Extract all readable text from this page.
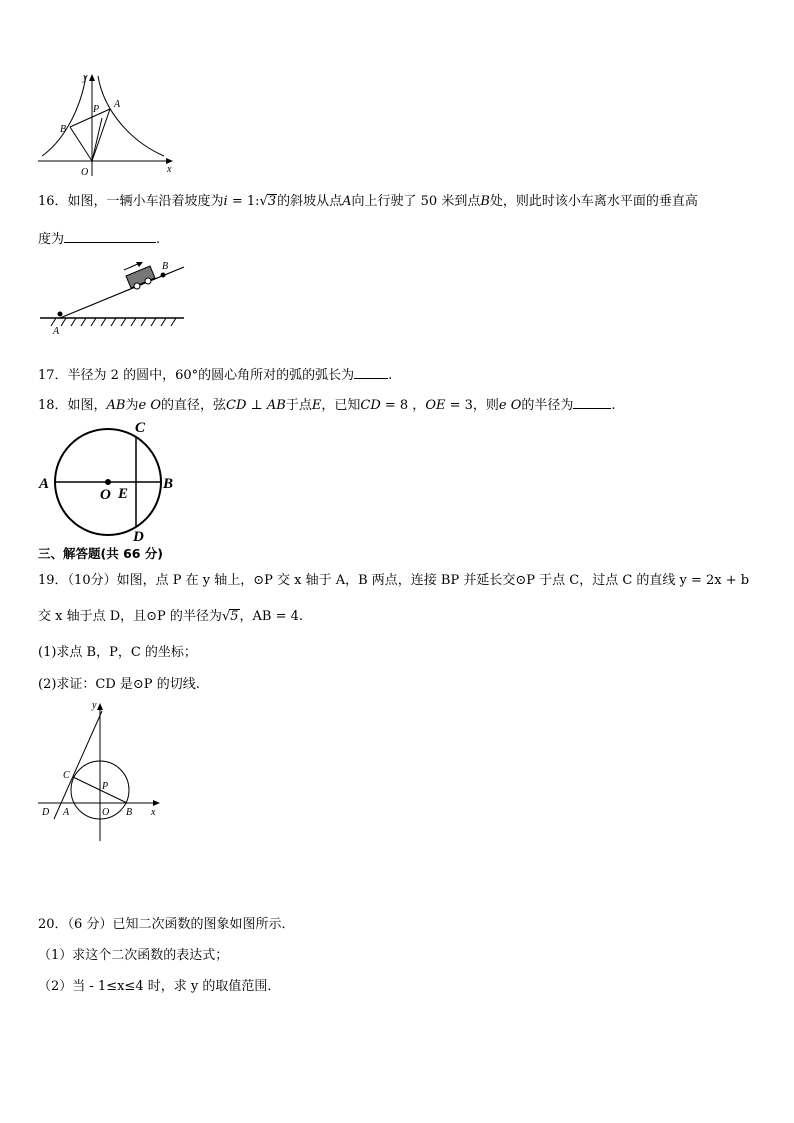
y
x
O
P A
B
16．如图，一辆小车沿着坡度为i = 1:√3的斜坡从点A向上行驶了 50 米到点B处，则此时该小车离水平面的垂直高
度为	.
B
A
17．半径为 2 的圆中，60°的圆心角所对的弧的弧长为	.
18．如图，AB为e O的直径，弦CD ⊥ AB于点E，已知CD = 8 ，OE = 3，则e O的半径为	.
C
A
O E
B
D
三、解答题(共 66 分)
19．（10分）如图，点 P 在 y 轴上，⊙P 交 x 轴于 A，B 两点，连接 BP 并延长交⊙P 于点 C，过点 C 的直线 y = 2x + b
交 x 轴于点 D，且⊙P 的半径为√5，AB = 4.
(1)求点 B，P，C 的坐标；
(2)求证：CD 是⊙P 的切线.
y
x
C
P
D A	O B
20．（6 分）已知二次函数的图象如图所示．
（1）求这个二次函数的表达式；
（2）当 - 1≤x≤4 时，求 y 的取值范围．
